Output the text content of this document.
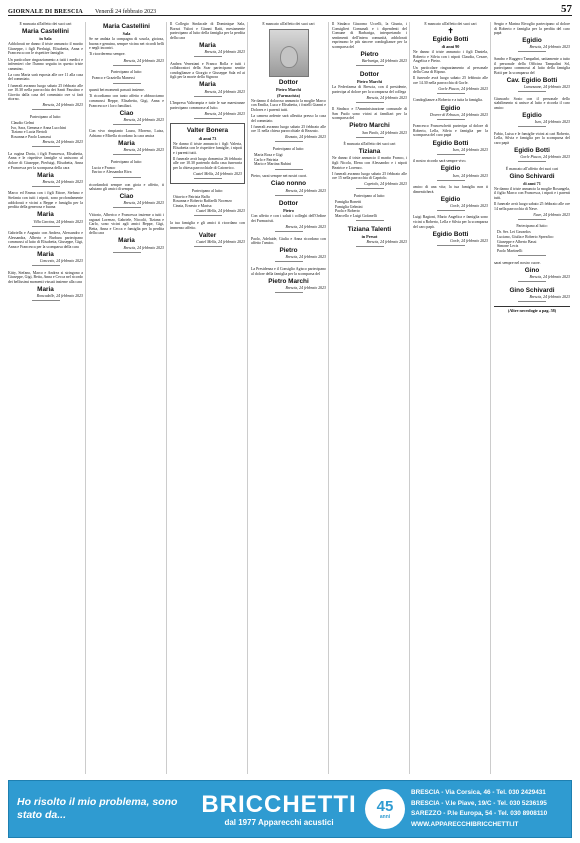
GIORNALE DI BRESCIA	Venerdì 24 febbraio 2023	57

È mancata all'affetto dei suoi cari

Maria Castellini
in Sala

Addolorati ne danno il triste annuncio il marito Giuseppe, i figli Pierluigi, Elisabetta, Anna e Francesca con le rispettive famiglie.

Un particolare ringraziamento a tutti i medici e infermieri che l'hanno seguita in questo triste cammino.

La cara Maria sarà esposta alle ore 11 alla casa del commiato.

I funerali avranno luogo sabato 25 febbraio alle ore 10.30 nella parrocchia dei Santi Faustino e Giovita dalla casa del commiato ove si farà ritorno.

Brescia, 24 febbraio 2023

Partecipano al lutto:

Claudio Gelmi
Ivo, Sara, Gemma e Anna Lucchini
Tiziano e Lucia Bertoli
Rosanna e Paolo Lumassi
Brescia, 24 febbraio 2023

La cugina Doria, i figli Francesca, Elisabetta, Anna e le rispettive famiglie si uniscono al dolore di Giuseppe, Pierluigi, Elisabetta, Anna e Francesca per la scomparsa della cara

Maria
Brescia, 24 febbraio 2023

Marco ed Emma con i figli Ettore, Stefano e Stefania con tutti i nipoti, sono profondamente addolorati e vicini a Beppe e famiglia per la perdita della generosa e buona

Maria
Villa Carcina, 24 febbraio 2023

Gabriella e Augusto con Andrea, Alessandro e Alessandra, Alberto e Barbara partecipano commossi al lutto di Elisabetta, Giuseppe, Gigi, Anna e Francesca per la scomparsa della cara

Maria
Concesio, 24 febbraio 2023

Kitty, Stefano, Marco e Andrea si stringono a Giuseppe, Gigi, Betta, Anna e Cecca nel ricordo dei bellissimi momenti vissuti insieme alla cara

Maria
Roncadelle, 24 febbraio 2023
Maria Castellini
Sala

Se ne andata la compagna di scuola, gioiosa, buona e genuina, sempre vicina nei ricordi belli e negli incontri.

Ti ricorderemo sempre.

Brescia, 24 febbraio 2023

Partecipano al lutto:

Franco e Graziella Manessi

quanti bei momenti passati insieme.

Ti ricordiamo con tanto affetto e abbracciamo commossi Beppe, Elisabetta, Gigi, Anna e Francesca e i loro familiari.

Ciao
Brescia, 24 febbraio 2023

Con vivo rimpianto Laura, Moreno, Luisa, Adriano e Mirella ricordano la cara amica

Maria
Brescia, 24 febbraio 2023

Partecipano al lutto:

Lucia e Franco
Enrico e Alessandra Riva

ricordandoti sempre con gioia e affetto, ti salutano gli amici di sempre.

Ciao
Brescia, 24 febbraio 2023

Vittorio, Alberico e Francesca insieme a tutti i ragazzi Lorenzo, Gabriele, Niccolò, Tiziana e Carlo, sono vicini agli amici Beppe, Gigi, Betta, Anna e Cecca e famiglia per la perdita della cara

Maria
Brescia, 24 febbraio 2023

Il Collegio Sindacale di Dominique Sala, Borsoi Valori e Gianni Ratti, mestamente partecipano al lutto della famiglia per la perdita della cara

Maria
Brescia, 24 febbraio 2023

Andrea Veneziani e Franco Bolla e tutti i collaboratori della Scar partecipano sentite condoglianze a Giorgio e Giuseppe Sala ed ai figli per la morte della Signora

Maria
Brescia, 24 febbraio 2023

L'Impresa Valtrompia e tutte le sue maestranze partecipano commosse al lutto.

Brescia, 24 febbraio 2023
Valter Bonera
di anni 73

Ne danno il triste annuncio i figli Valeria, Elisabetta con le rispettive famiglie, i nipoti e i parenti tutti.

Il funerale avrà luogo domenica 26 febbraio alle ore 10.30 partendo dalla casa funeraria per la chiesa parrocchiale di Caionvico.

Castel Mella, 24 febbraio 2023

Partecipano al lutto:

Ottavio e Patrizia Raffa
Rosanna e Roberto Raffaelli Nocenzo
Cinzia, Ernesto e Marisa
Castel Mella, 24 febbraio 2023

la tua famiglia e gli amici ti ricordano con immenso affetto.

Valter
Castel Mella, 24 febbraio 2023

È mancato all'affetto dei suoi cari

Dottor
Pietro Marchi
(Farmacista)

Ne danno il doloroso annuncio la moglie Marco con Emilia, Luca e Elisabetta, i fratelli Gianni e Dolores e i parenti tutti.

La camera ardente sarà allestita presso la casa del commiato.

I funerali avranno luogo sabato 25 febbraio alle ore 11 nella chiesa parrocchiale di Rezzato.

Rezzato, 24 febbraio 2023

Partecipano al lutto:

Maria Rosa e Gigi
Carlo e Patrizia
Mario e Martina Rubini

Pietro, sarai sempre nei nostri cuori.

Ciao nonno
Brescia, 24 febbraio 2023
Dottor
Pietro

Con affetto e con i saluti i colleghi dell'Ordine dei Farmacisti.

Brescia, 24 febbraio 2023

Paolo, Adelaide, Giulia e Anna ricordano con affetto l'amico.

Pietro
Brescia, 24 febbraio 2023

La Presidenza e il Consiglio Agisco partecipano al dolore della famiglia per la scomparsa del

Pietro Marchi
Brescia, 24 febbraio 2023

Il Sindaco Giacomo Uccelli, la Giunta, i Consiglieri Comunali e i dipendenti del Comune di Barbariga, interpretando i sentimenti dell'intera comunità, addolorati esprimono le più sincere condoglianze per la scomparsa del

Pietro
Barbariga, 24 febbraio 2023
Dottor
Pietro Marchi

La Federfarma di Brescia, con il presidente, partecipa al dolore per la scomparsa del collega

Brescia, 24 febbraio 2023

Il Sindaco e l'Amministrazione comunale di San Paolo sono vicini ai familiari per la scomparsa del

Pietro Marchi
San Paolo, 24 febbraio 2023

È mancata all'affetto dei suoi cari

Tiziana

Ne danno il triste annuncio il marito Franco, i figli Nicola, Elena con Alessandro e i nipoti Beatrice e Lorenzo.

I funerali avranno luogo sabato 25 febbraio alle ore 15 nella parrocchia di Capriolo.

Capriolo, 24 febbraio 2023

Partecipano al lutto:

Famiglia Bonetti
Famiglia Gelmini
Paola e Roberto
Marcello e Luigi Gofanelli
Tiziana Talenti
in Presot
Brescia, 24 febbraio 2023

È mancato all'affetto dei suoi cari

✝
Egidio Botti
di anni 90

Ne danno il triste annuncio i figli Daniela, Roberto e Silvia con i nipoti Claudia, Cesare, Angelica e Pietro.

Un particolare ringraziamento al personale della Casa di Riposo.

Il funerale avrà luogo sabato 25 febbraio alle ore 14.30 nella parrocchia di Gorle.

Gorle Piacco, 24 febbraio 2023

Condoglianze a Roberto e a tutta la famiglia.

Egidio
Dovere di Erbusco, 24 febbraio 2023

Francesco Franceschetti partecipa al dolore di Roberto, Lella, Silvia e famiglia per la scomparsa del caro papà

Egidio Botti
Iseo, 24 febbraio 2023

il nostro ricordo sarà sempre vivo.

Egidio
Iseo, 24 febbraio 2023

amico di una vita; la tua famiglia non ti dimenticherà.

Egidio
Gorle, 24 febbraio 2023

Luigi Ragioni, Mario Angelica e famiglia sono vicini a Roberto, Lella e Silvia per la scomparsa del caro papà.

Egidio Botti
Gorle, 24 febbraio 2023

Sergio e Marina Rivoglio partecipano al dolore di Roberto e famiglia per la perdita del caro papà

Egidio
Brescia, 24 febbraio 2023

Sandro e Ruggero Tampalini, unitamente a tutto il personale della Officina Tampalini Srl, partecipano commossi al lutto della famiglia Botti per la scomparsa del

Cav. Egidio Botti
Lumezzane, 24 febbraio 2023

Giancarlo Sosio con il personale dello stabilimento si unisce al lutto e ricorda il caro amico

Egidio
Iseo, 24 febbraio 2023

Fabio, Luisa e le famiglie vicini ai cari Roberto, Lella, Silvia e famiglia per la scomparsa del caro papà

Egidio Botti
Gorle Piacco, 24 febbraio 2023

È mancato all'affetto dei suoi cari

Gino Schivardi
di anni 71

Ne danno il triste annuncio la moglie Rosangela, il figlio Marco con Francesca, i nipoti e i parenti tutti.

Il funerale avrà luogo sabato 25 febbraio alle ore 14 nella parrocchia di Nave.

Nave, 24 febbraio 2023

Partecipano al lutto:

Dr. Ser. Lei Gavardos
Luciano, Giulia e Roberto Spreafico
Giuseppe e Alberto Bassi
Simone Lecis
Paolo Martinelli

sarai sempre nel nostro cuore.

Gino
Brescia, 24 febbraio 2023
Gino Schivardi
Brescia, 24 febbraio 2023
(Altre necrologie a pag. 58)
Ho risolto il mio problema, sono stato da...	BRICCHETTI
dal 1977 Apparecchi acustici
45
anni
BRESCIA - Via Corsica, 46 - Tel. 030 2429431
BRESCIA - V.le Piave, 19/C - Tel. 030 5236195
SAREZZO - P.le Europa, 54 - Tel. 030 8908110
WWW.APPARECCHIBRICCHETTI.IT
